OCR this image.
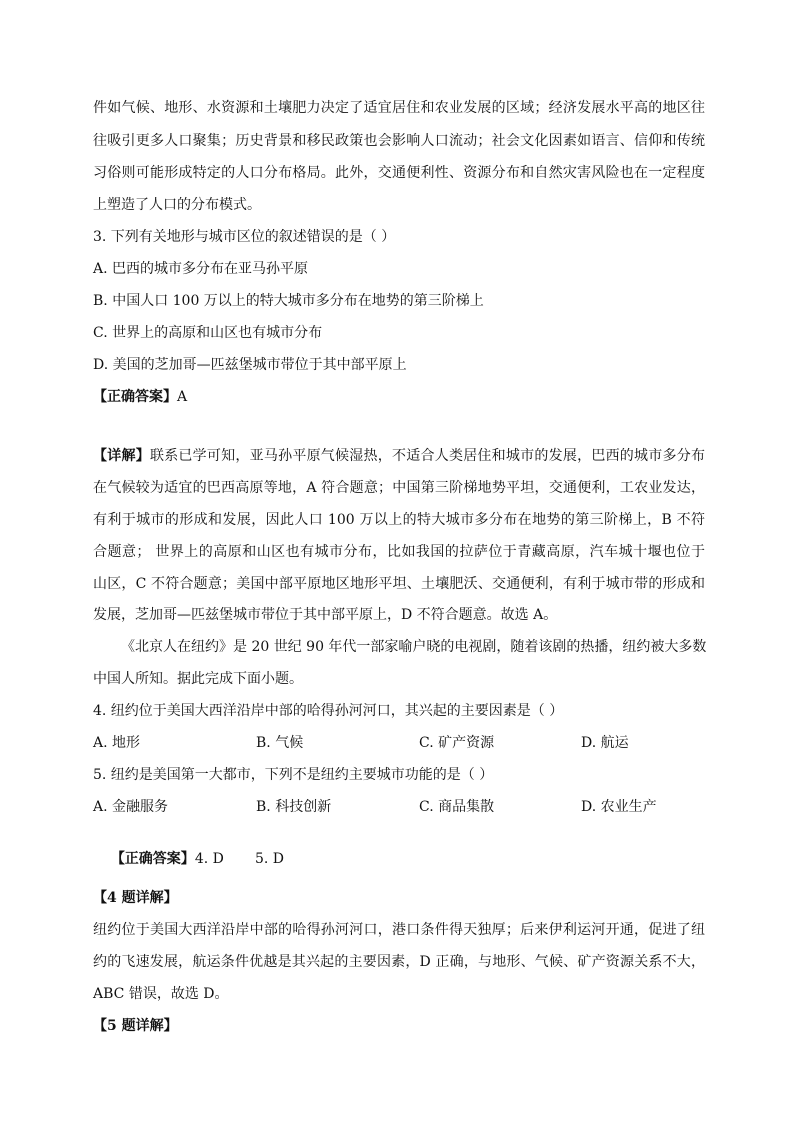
件如气候、地形、水资源和土壤肥力决定了适宜居住和农业发展的区域；经济发展水平高的地区往
往吸引更多人口聚集；历史背景和移民政策也会影响人口流动；社会文化因素如语言、信仰和传统
习俗则可能形成特定的人口分布格局。此外，交通便利性、资源分布和自然灾害风险也在一定程度
上塑造了人口的分布模式。
3. 下列有关地形与城市区位的叙述错误的是（ ）
A. 巴西的城市多分布在亚马孙平原
B. 中国人口 100 万以上的特大城市多分布在地势的第三阶梯上
C. 世界上的高原和山区也有城市分布
D. 美国的芝加哥—匹兹堡城市带位于其中部平原上
【正确答案】A
【详解】联系已学可知，亚马孙平原气候湿热，不适合人类居住和城市的发展，巴西的城市多分布
在气候较为适宜的巴西高原等地，A 符合题意；中国第三阶梯地势平坦，交通便利，工农业发达，
有利于城市的形成和发展，因此人口 100 万以上的特大城市多分布在地势的第三阶梯上，B 不符
合题意； 世界上的高原和山区也有城市分布，比如我国的拉萨位于青藏高原，汽车城十堰也位于
山区，C 不符合题意；美国中部平原地区地形平坦、土壤肥沃、交通便利，有利于城市带的形成和
发展，芝加哥—匹兹堡城市带位于其中部平原上，D 不符合题意。故选 A。
《北京人在纽约》是 20 世纪 90 年代一部家喻户晓的电视剧，随着该剧的热播，纽约被大多数
中国人所知。据此完成下面小题。
4. 纽约位于美国大西洋沿岸中部的哈得孙河河口，其兴起的主要因素是（ ）
A. 地形	B. 气候	C. 矿产资源	D. 航运
5. 纽约是美国第一大都市，下列不是纽约主要城市功能的是（ ）
A. 金融服务	B. 科技创新	C. 商品集散	D. 农业生产

【正确答案】4. D       5. D

【4 题详解】
纽约位于美国大西洋沿岸中部的哈得孙河河口，港口条件得天独厚；后来伊利运河开通，促进了纽
约的飞速发展，航运条件优越是其兴起的主要因素，D 正确，与地形、气候、矿产资源关系不大，
ABC 错误，故选 D。
【5 题详解】
